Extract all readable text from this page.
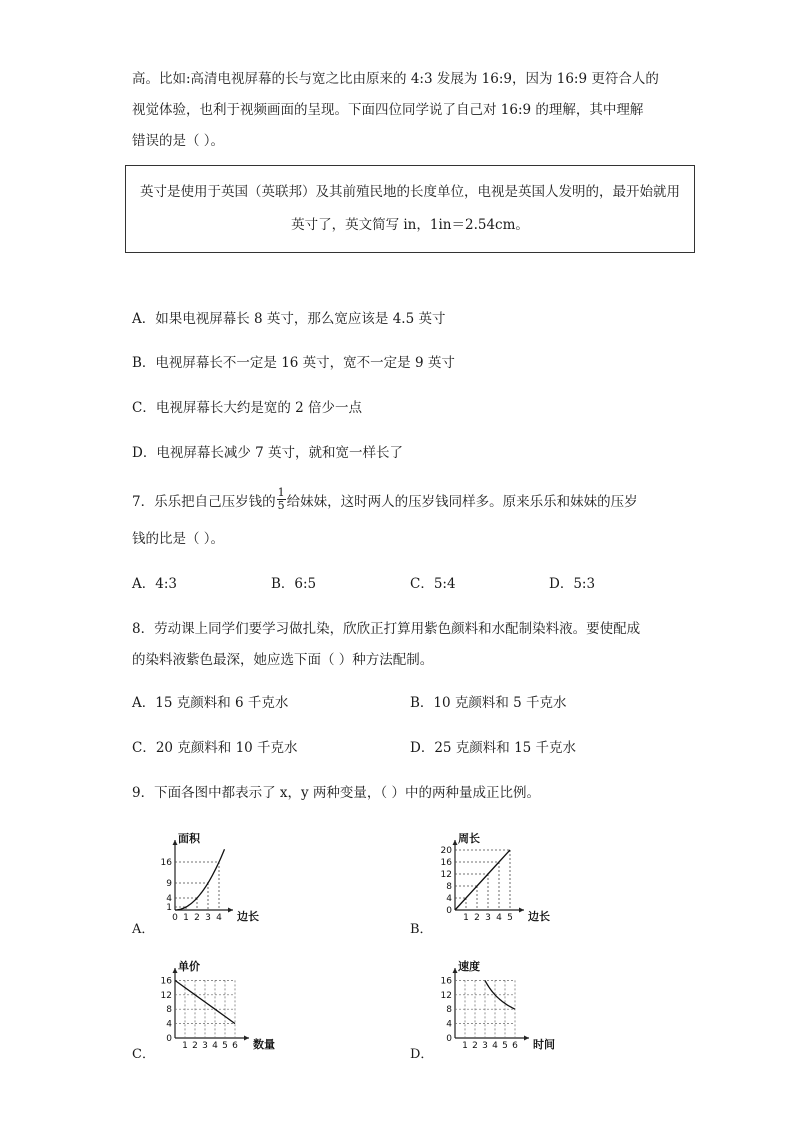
高。比如:高清电视屏幕的长与宽之比由原来的 4:3 发展为 16:9，因为 16:9 更符合人的
视觉体验，也利于视频画面的呈现。下面四位同学说了自己对 16:9 的理解，其中理解
错误的是（ ）。
英寸是使用于英国（英联邦）及其前殖民地的长度单位，电视是英国人发明的，最开始就用
英寸了，英文简写 in，1in＝2.54cm。
A．如果电视屏幕长 8 英寸，那么宽应该是 4.5 英寸
B．电视屏幕长不一定是 16 英寸，宽不一定是 9 英寸
C．电视屏幕长大约是宽的 2 倍少一点
D．电视屏幕长减少 7 英寸，就和宽一样长了
7．乐乐把自己压岁钱的 $\frac{1}{5}$ 给妹妹，这时两人的压岁钱同样多。原来乐乐和妹妹的压岁
钱的比是（ ）。
A．4:3	B．6:5	C．5:4	D．5:3
8．劳动课上同学们要学习做扎染，欣欣正打算用紫色颜料和水配制染料液。要使配成
的染料液紫色最深，她应选下面（ ）种方法配制。
A．15 克颜料和 6 千克水	B．10 克颜料和 5 千克水
C．20 克颜料和 10 千克水	D．25 克颜料和 15 千克水
9．下面各图中都表示了 x，y 两种变量，（ ）中的两种量成正比例。
A．	B．
C．	D．
0 1 2 3 4
1
4
9
16
面积
边长	1 2 3 4 5
0
4
8
12
16
20
周长
边长
1 2 3 4 5 6
0
4
8
12
16
单价
数量	1 2 3 4 5 6
0
4
8
12
16
速度
时间
